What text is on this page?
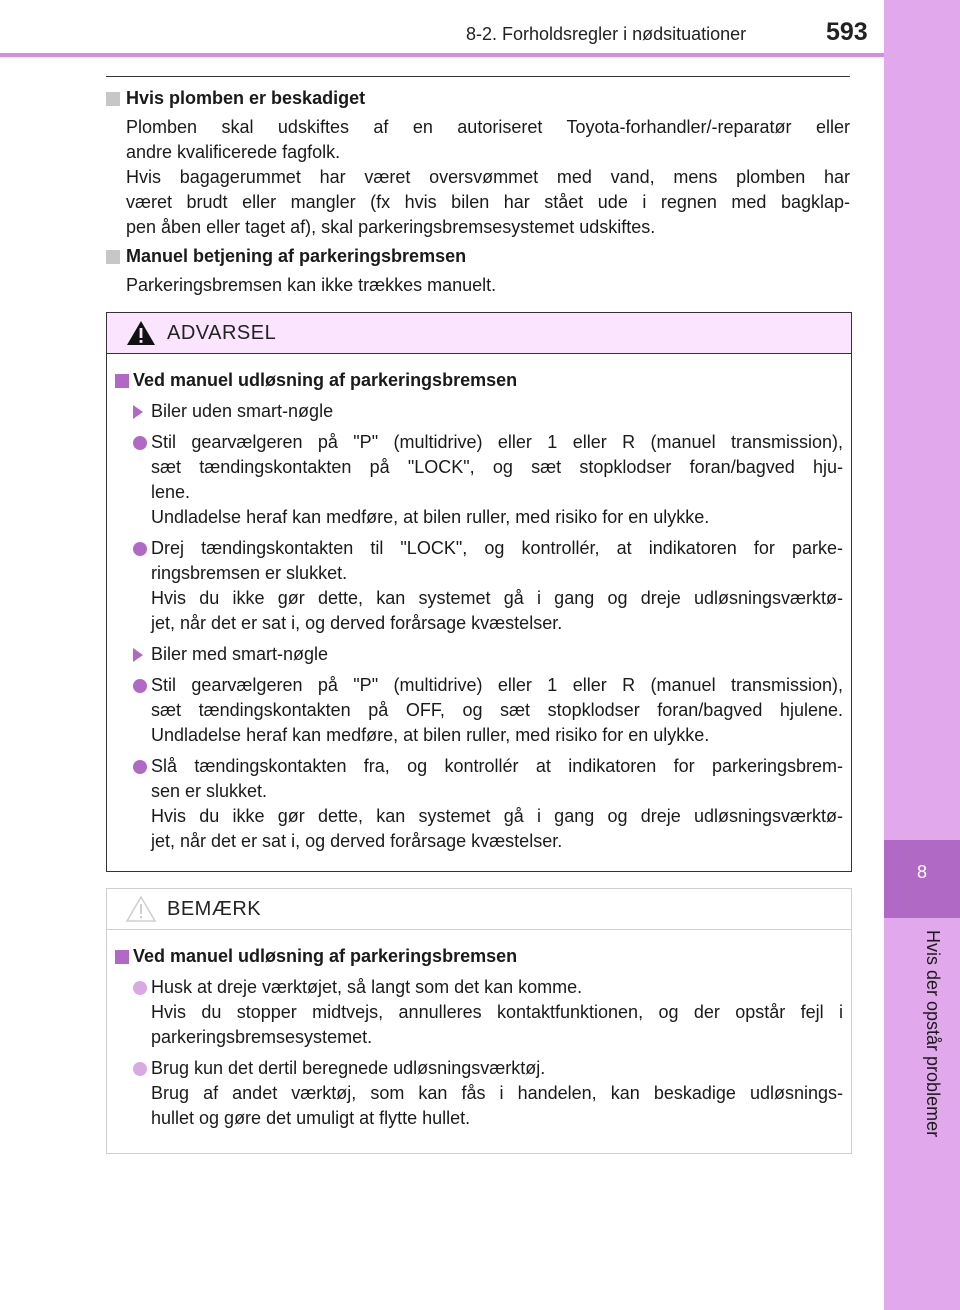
8-2. Forholdsregler i nødsituationer	593
8
Hvis der opstår problemer
Hvis plomben er beskadiget
Plomben skal udskiftes af en autoriseret Toyota-forhandler/-reparatør eller
andre kvalificerede fagfolk.
Hvis bagagerummet har været oversvømmet med vand, mens plomben har
været brudt eller mangler (fx hvis bilen har stået ude i regnen med bagklap-
pen åben eller taget af), skal parkeringsbremsesystemet udskiftes.
Manuel betjening af parkeringsbremsen
Parkeringsbremsen kan ikke trækkes manuelt.
ADVARSEL
Ved manuel udløsning af parkeringsbremsen
Biler uden smart-nøgle
Stil gearvælgeren på "P" (multidrive) eller 1 eller R (manuel transmission),
sæt tændingskontakten på "LOCK", og sæt stopklodser foran/bagved hju-
lene.
Undladelse heraf kan medføre, at bilen ruller, med risiko for en ulykke.
Drej tændingskontakten til "LOCK", og kontrollér, at indikatoren for parke-
ringsbremsen er slukket.
Hvis du ikke gør dette, kan systemet gå i gang og dreje udløsningsværktø-
jet, når det er sat i, og derved forårsage kvæstelser.
Biler med smart-nøgle
Stil gearvælgeren på "P" (multidrive) eller 1 eller R (manuel transmission),
sæt tændingskontakten på OFF, og sæt stopklodser foran/bagved hjulene.
Undladelse heraf kan medføre, at bilen ruller, med risiko for en ulykke.
Slå tændingskontakten fra, og kontrollér at indikatoren for parkeringsbrem-
sen er slukket.
Hvis du ikke gør dette, kan systemet gå i gang og dreje udløsningsværktø-
jet, når det er sat i, og derved forårsage kvæstelser.
BEMÆRK
Ved manuel udløsning af parkeringsbremsen
Husk at dreje værktøjet, så langt som det kan komme.
Hvis du stopper midtvejs, annulleres kontaktfunktionen, og der opstår fejl i
parkeringsbremsesystemet.
Brug kun det dertil beregnede udløsningsværktøj.
Brug af andet værktøj, som kan fås i handelen, kan beskadige udløsnings-
hullet og gøre det umuligt at flytte hullet.
